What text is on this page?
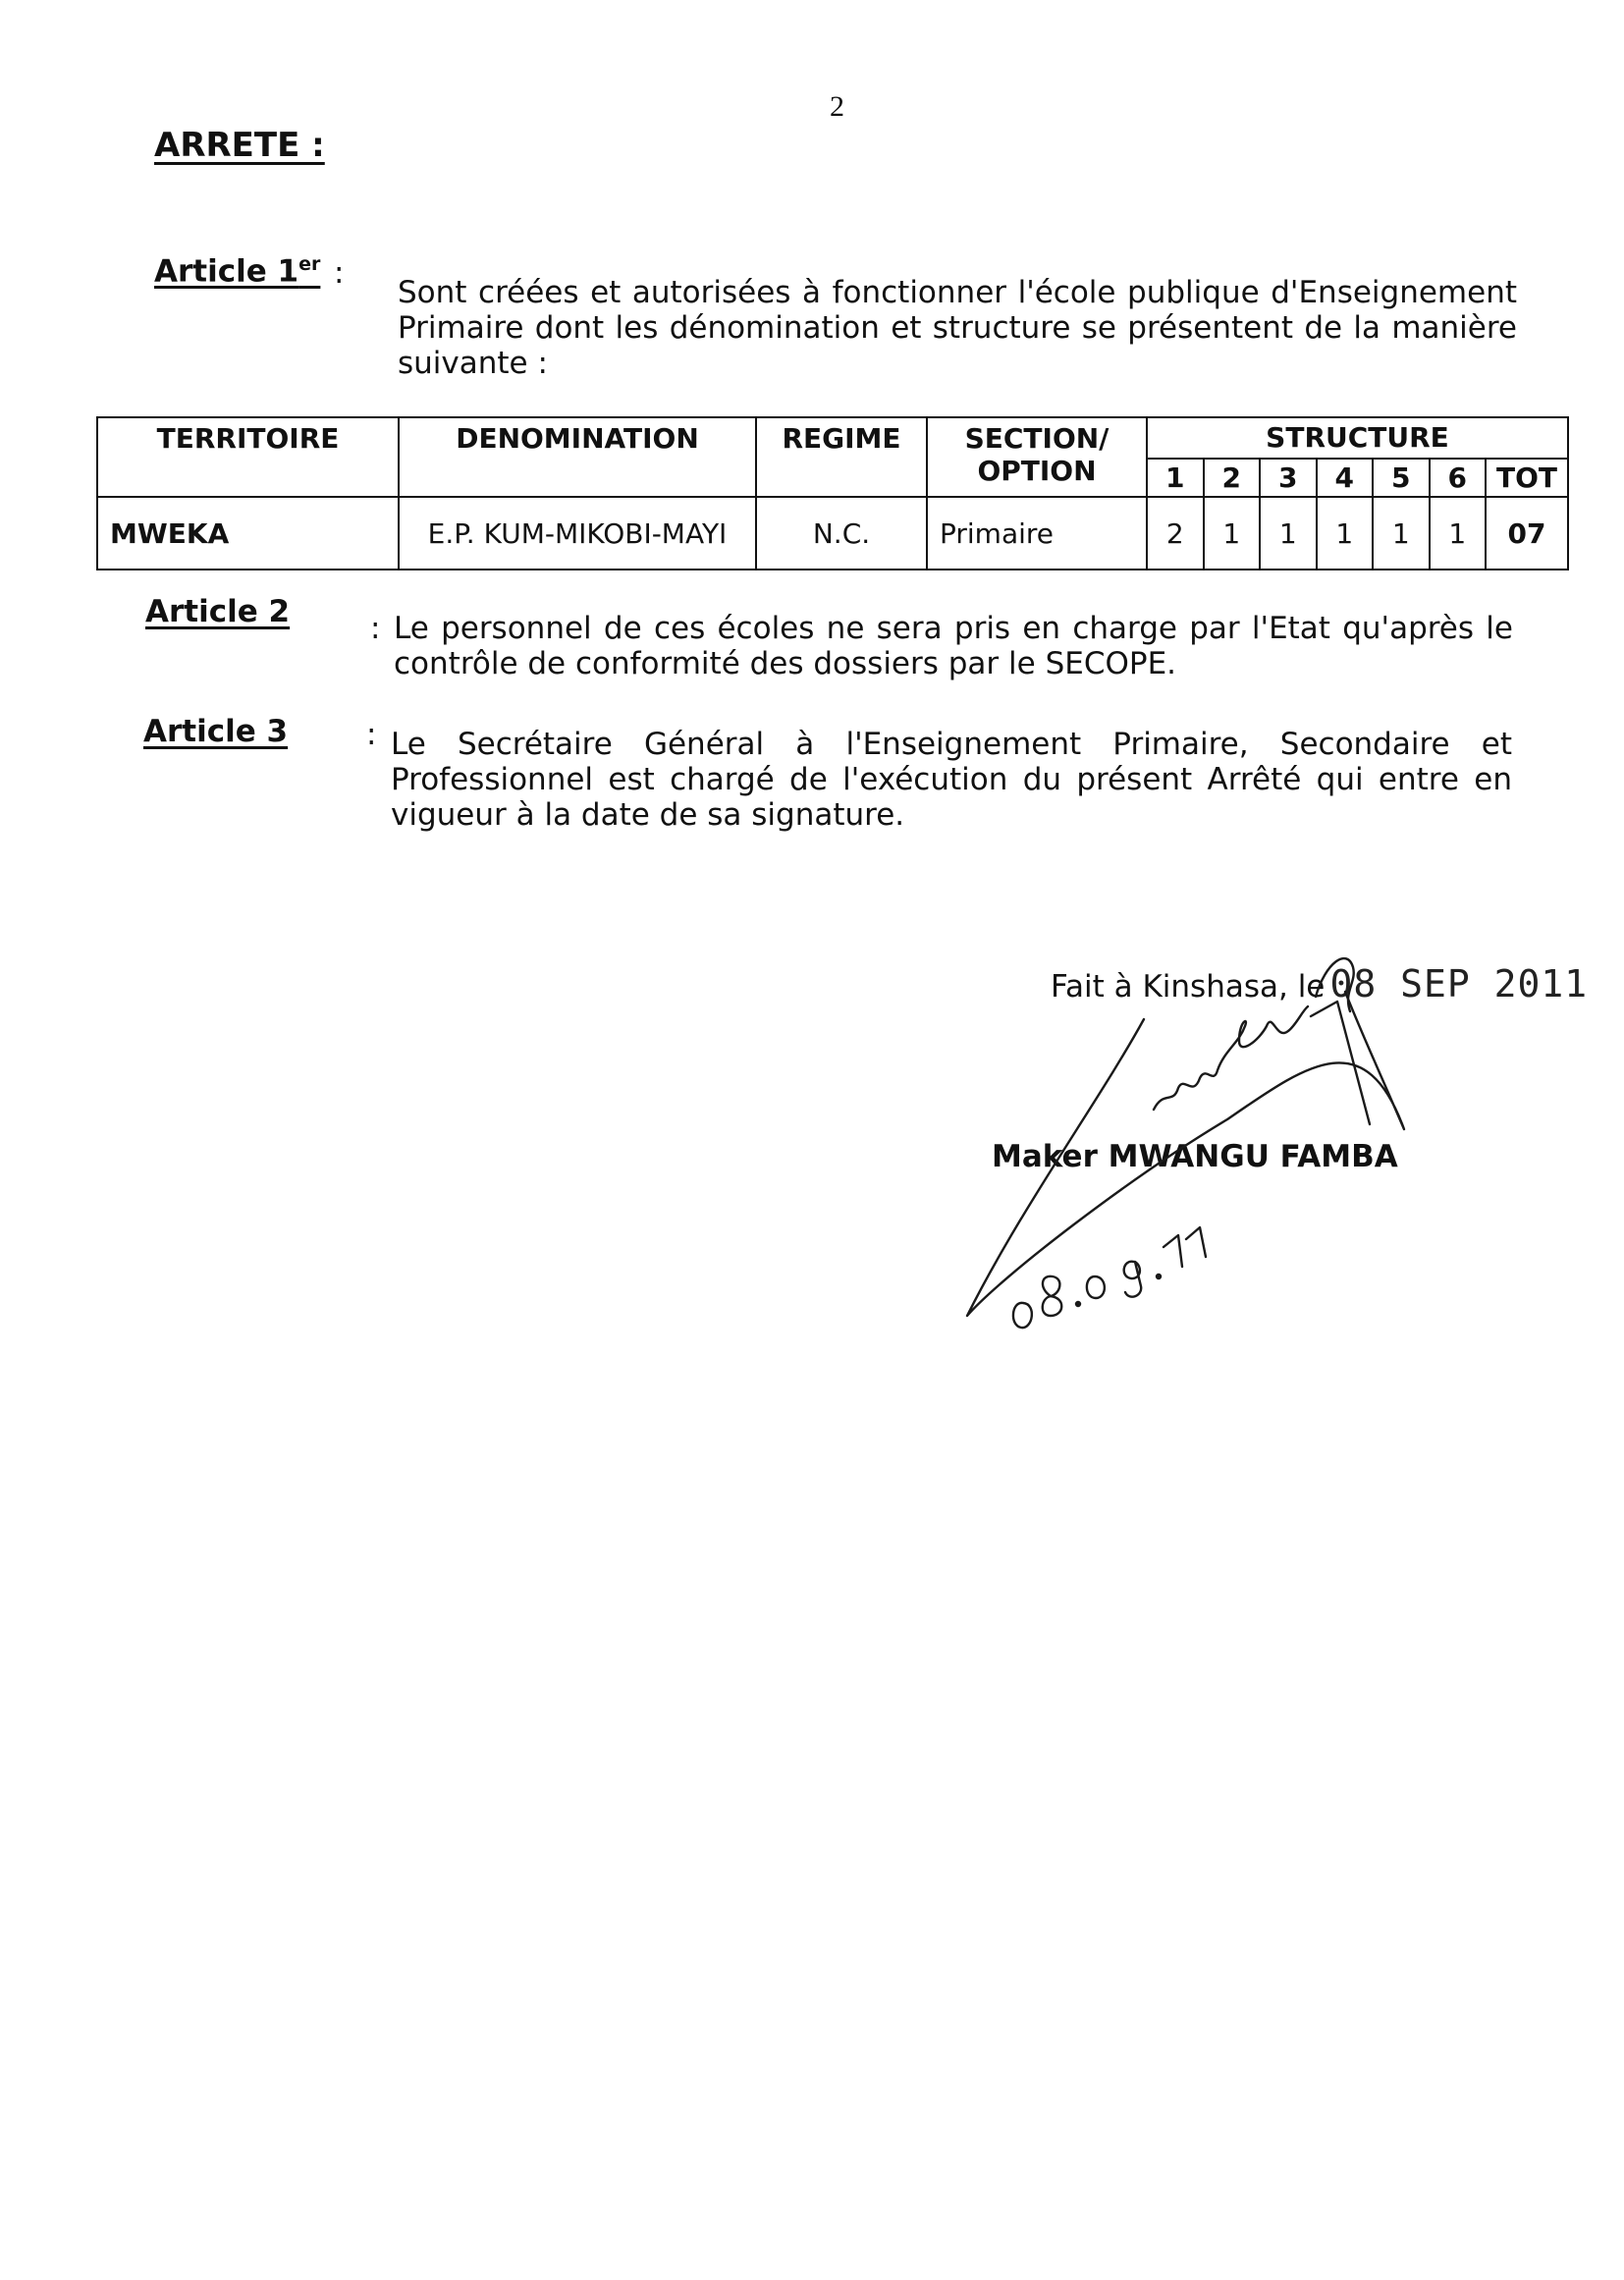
2
ARRETE :
Article 1er :
Sont créées et autorisées à fonctionner l'école publique d'Enseignement Primaire dont les dénomination et structure se présentent de la manière suivante :
TERRITOIRE	DENOMINATION	REGIME	SECTION/ OPTION	STRUCTURE						
				1	2	3	4	5	6	TOT
MWEKA	E.P. KUM-MIKOBI-MAYI	N.C.	Primaire	2	1	1	1	1	1	07
Article 2	: Le personnel de ces écoles ne sera pris en charge par l'Etat qu'après le contrôle de conformité des dossiers par le SECOPE.
Article 3	: Le Secrétaire Général à l'Enseignement Primaire, Secondaire et Professionnel est chargé de l'exécution du présent Arrêté qui entre en vigueur à la date de sa signature.
Fait à Kinshasa, le 08 SEP 2011
Maker MWANGU FAMBA
